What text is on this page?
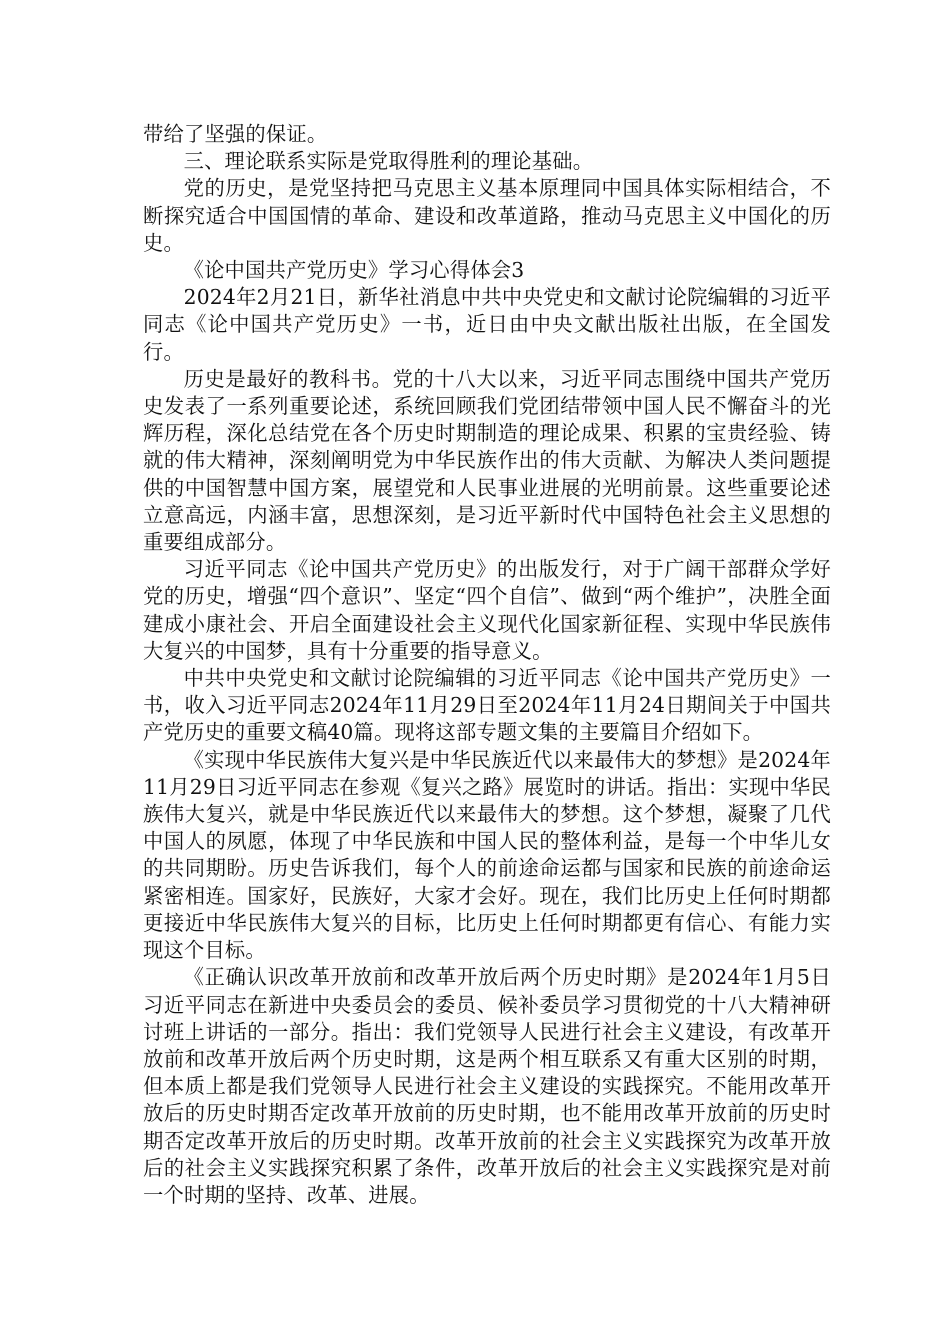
带给了坚强的保证。

三、理论联系实际是党取得胜利的理论基础。

党的历史，是党坚持把马克思主义基本原理同中国具体实际相结合，不断探究适合中国国情的革命、建设和改革道路，推动马克思主义中国化的历史。

《论中国共产党历史》学习心得体会3

2024年2月21日，新华社消息中共中央党史和文献讨论院编辑的习近平同志《论中国共产党历史》一书，近日由中央文献出版社出版，在全国发行。

历史是最好的教科书。党的十八大以来，习近平同志围绕中国共产党历史发表了一系列重要论述，系统回顾我们党团结带领中国人民不懈奋斗的光辉历程，深化总结党在各个历史时期制造的理论成果、积累的宝贵经验、铸就的伟大精神，深刻阐明党为中华民族作出的伟大贡献、为解决人类问题提供的中国智慧中国方案，展望党和人民事业进展的光明前景。这些重要论述立意高远，内涵丰富，思想深刻，是习近平新时代中国特色社会主义思想的重要组成部分。

习近平同志《论中国共产党历史》的出版发行，对于广阔干部群众学好党的历史，增强“四个意识”、坚定“四个自信”、做到“两个维护”，决胜全面建成小康社会、开启全面建设社会主义现代化国家新征程、实现中华民族伟大复兴的中国梦，具有十分重要的指导意义。

中共中央党史和文献讨论院编辑的习近平同志《论中国共产党历史》一书，收入习近平同志2024年11月29日至2024年11月24日期间关于中国共产党历史的重要文稿40篇。现将这部专题文集的主要篇目介绍如下。

《实现中华民族伟大复兴是中华民族近代以来最伟大的梦想》是2024年11月29日习近平同志在参观《复兴之路》展览时的讲话。指出：实现中华民族伟大复兴，就是中华民族近代以来最伟大的梦想。这个梦想，凝聚了几代中国人的夙愿，体现了中华民族和中国人民的整体利益，是每一个中华儿女的共同期盼。历史告诉我们，每个人的前途命运都与国家和民族的前途命运紧密相连。国家好，民族好，大家才会好。现在，我们比历史上任何时期都更接近中华民族伟大复兴的目标，比历史上任何时期都更有信心、有能力实现这个目标。

《正确认识改革开放前和改革开放后两个历史时期》是2024年1月5日习近平同志在新进中央委员会的委员、候补委员学习贯彻党的十八大精神研讨班上讲话的一部分。指出：我们党领导人民进行社会主义建设，有改革开放前和改革开放后两个历史时期，这是两个相互联系又有重大区别的时期，但本质上都是我们党领导人民进行社会主义建设的实践探究。不能用改革开放后的历史时期否定改革开放前的历史时期，也不能用改革开放前的历史时期否定改革开放后的历史时期。改革开放前的社会主义实践探究为改革开放后的社会主义实践探究积累了条件，改革开放后的社会主义实践探究是对前一个时期的坚持、改革、进展。
